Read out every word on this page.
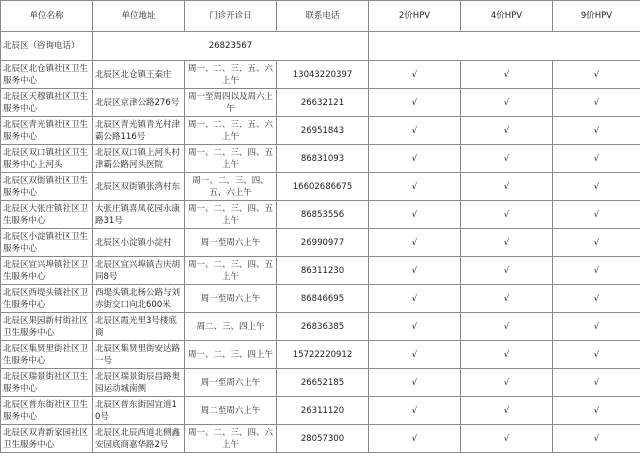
单位名称	单位地址	门诊开诊日	联系电话	2价HPV	4价HPV	9价HPV
北辰区（咨询电话）	26823567					
北辰区北仓镇社区卫生服务中心	北辰区北仓镇王秦庄	周一、二、三、五、六上午	13043220397	√	√	√
北辰区天穆镇社区卫生服务中心	北辰区京津公路276号	周一至周四以及周六上午	26632121	√	√	√
北辰区青光镇社区卫生服务中心	北辰区青光镇青光村津霸公路116号	周一、二、三、五、六上午	26951843	√	√	√
北辰区双口镇社区卫生服务中心上河头	北辰区双口镇上河头村津霸公路河头医院	周一、二、三、四、五上午	86831093	√	√	√
北辰区双街镇社区卫生服务中心	北辰区双街镇张湾村东	周一、二、三、四、五、六上午	16602686675	√	√	√
北辰区大张庄镇社区卫生服务中心	大张庄镇喜凤花园永康路31号	周一、二、三、四、五上午	86853556	√	√	√
北辰区小淀镇社区卫生服务中心	北辰区小淀镇小淀村	周一至周六上午	26990977	√	√	√
北辰区宜兴埠镇社区卫生服务中心	北辰区宜兴埠镇吉庆胡同8号	周一、二、三、四、五上午	86311230	√	√	√
北辰区西堤头镇社区卫生服务中心	西堤头镇北杨公路与刘赤街交口向北600米	周一至周六上午	86846695	√	√	√
北辰区果园新村街社区卫生服务中心	北辰区霞光里3号楼底商	周二、三、四上午	26836385	√	√	√
北辰区集贤里街社区卫生服务中心	北辰区集贤里街安达路一号	周一、二、三、四上午	15722220912	√	√	√
北辰区瑞景街社区卫生服务中心	北辰区瑞景街辰昌路奥园运动城南侧	周一至周六上午	26652185	√	√	√
北辰区普东街社区卫生服务中心	北辰区普东街园宜道10号	周二至周六上午	26311120	√	√	√
北辰区双青新家园社区卫生服务中心	北辰区北辰西道北侧鑫安园底商嘉华路2号	周一、二、三、四、六上午	28057300	√	√	√
